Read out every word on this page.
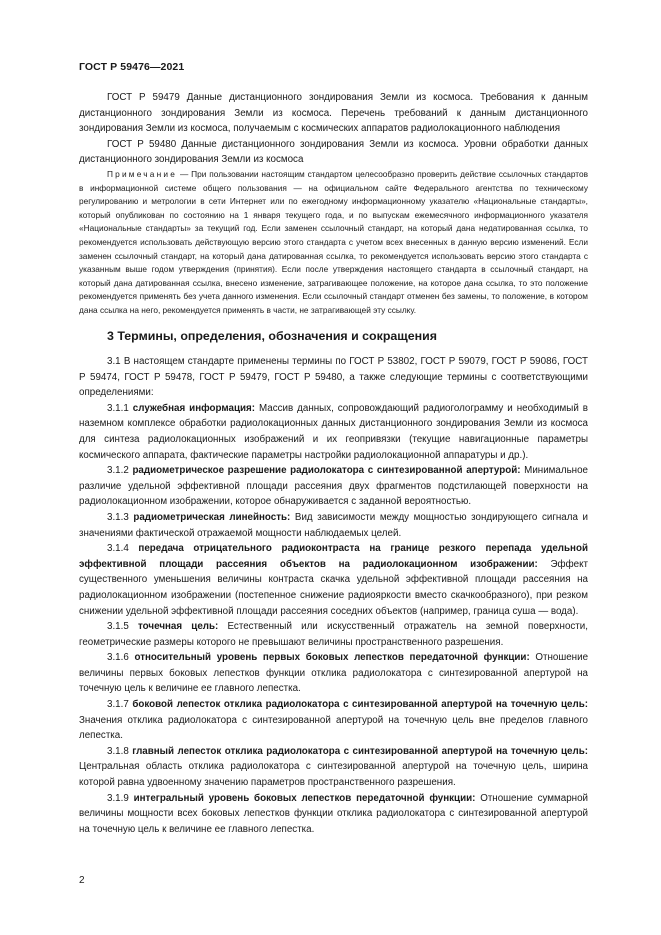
ГОСТ Р 59476—2021

ГОСТ Р 59479 Данные дистанционного зондирования Земли из космоса. Требования к данным дистанционного зондирования Земли из космоса. Перечень требований к данным дистанционного зондирования Земли из космоса, получаемым с космических аппаратов радиолокационного наблюдения

ГОСТ Р 59480 Данные дистанционного зондирования Земли из космоса. Уровни обработки данных дистанционного зондирования Земли из космоса

Примечание — При пользовании настоящим стандартом целесообразно проверить действие ссылочных стандартов в информационной системе общего пользования — на официальном сайте Федерального агентства по техническому регулированию и метрологии в сети Интернет или по ежегодному информационному указателю «Национальные стандарты», который опубликован по состоянию на 1 января текущего года, и по выпускам ежемесячного информационного указателя «Национальные стандарты» за текущий год. Если заменен ссылочный стандарт, на который дана недатированная ссылка, то рекомендуется использовать действующую версию этого стандарта с учетом всех внесенных в данную версию изменений. Если заменен ссылочный стандарт, на который дана датированная ссылка, то рекомендуется использовать версию этого стандарта с указанным выше годом утверждения (принятия). Если после утверждения настоящего стандарта в ссылочный стандарт, на который дана датированная ссылка, внесено изменение, затрагивающее положение, на которое дана ссылка, то это положение рекомендуется применять без учета данного изменения. Если ссылочный стандарт отменен без замены, то положение, в котором дана ссылка на него, рекомендуется применять в части, не затрагивающей эту ссылку.

3 Термины, определения, обозначения и сокращения

3.1 В настоящем стандарте применены термины по ГОСТ Р 53802, ГОСТ Р 59079, ГОСТ Р 59086, ГОСТ Р 59474, ГОСТ Р 59478, ГОСТ Р 59479, ГОСТ Р 59480, а также следующие термины с соответствующими определениями:

3.1.1 служебная информация: Массив данных, сопровождающий радиоголограмму и необходимый в наземном комплексе обработки радиолокационных данных дистанционного зондирования Земли из космоса для синтеза радиолокационных изображений и их геопривязки (текущие навигационные параметры космического аппарата, фактические параметры настройки радиолокационной аппаратуры и др.).

3.1.2 радиометрическое разрешение радиолокатора с синтезированной апертурой: Минимальное различие удельной эффективной площади рассеяния двух фрагментов подстилающей поверхности на радиолокационном изображении, которое обнаруживается с заданной вероятностью.

3.1.3 радиометрическая линейность: Вид зависимости между мощностью зондирующего сигнала и значениями фактической отражаемой мощности наблюдаемых целей.

3.1.4 передача отрицательного радиоконтраста на границе резкого перепада удельной эффективной площади рассеяния объектов на радиолокационном изображении: Эффект существенного уменьшения величины контраста скачка удельной эффективной площади рассеяния на радиолокационном изображении (постепенное снижение радиояркости вместо скачкообразного), при резком снижении удельной эффективной площади рассеяния соседних объектов (например, граница суша — вода).

3.1.5 точечная цель: Естественный или искусственный отражатель на земной поверхности, геометрические размеры которого не превышают величины пространственного разрешения.

3.1.6 относительный уровень первых боковых лепестков передаточной функции: Отношение величины первых боковых лепестков функции отклика радиолокатора с синтезированной апертурой на точечную цель к величине ее главного лепестка.

3.1.7 боковой лепесток отклика радиолокатора с синтезированной апертурой на точечную цель: Значения отклика радиолокатора с синтезированной апертурой на точечную цель вне пределов главного лепестка.

3.1.8 главный лепесток отклика радиолокатора с синтезированной апертурой на точечную цель: Центральная область отклика радиолокатора с синтезированной апертурой на точечную цель, ширина которой равна удвоенному значению параметров пространственного разрешения.

3.1.9 интегральный уровень боковых лепестков передаточной функции: Отношение суммарной величины мощности всех боковых лепестков функции отклика радиолокатора с синтезированной апертурой на точечную цель к величине ее главного лепестка.

2
